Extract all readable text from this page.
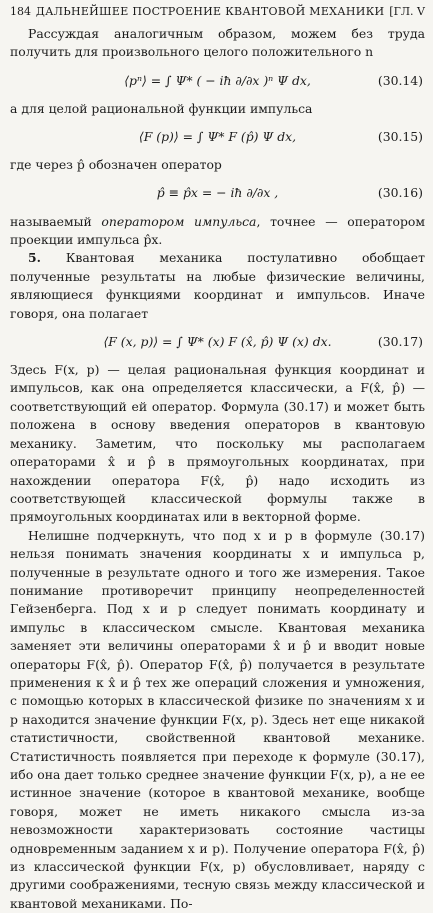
184 ДАЛЬНЕЙШЕЕ ПОСТРОЕНИЕ КВАНТОВОЙ МЕХАНИКИ [ГЛ. V

Рассуждая аналогичным образом, можем без труда получить для произвольного целого положительного n

⟨pⁿ⟩ = ∫ Ψ* ( − iħ ∂/∂x )ⁿ Ψ dx,	(30.14)

а для целой рациональной функции импульса

⟨F (p)⟩ = ∫ Ψ* F (p̂) Ψ dx,	(30.15)

где через p̂ обозначен оператор

p̂ ≡ p̂x = − iħ ∂/∂x ,	(30.16)

называемый оператором импульса, точнее — оператором проекции импульса p̂x.

5. Квантовая механика постулативно обобщает полученные результаты на любые физические величины, являющиеся функциями координат и импульсов. Иначе говоря, она полагает

⟨F (x, p)⟩ = ∫ Ψ* (x) F (x̂, p̂) Ψ (x) dx.	(30.17)

Здесь F(x, p) — целая рациональная функция координат и импульсов, как она определяется классически, а F(x̂, p̂) — соответствующий ей оператор. Формула (30.17) и может быть положена в основу введения операторов в квантовую механику. Заметим, что поскольку мы располагаем операторами x̂ и p̂ в прямоугольных координатах, при нахождении оператора F(x̂, p̂) надо исходить из соответствующей классической формулы также в прямоугольных координатах или в векторной форме.

Нелишне подчеркнуть, что под x и p в формуле (30.17) нельзя понимать значения координаты x и импульса p, полученные в результате одного и того же измерения. Такое понимание противоречит принципу неопределенностей Гейзенберга. Под x и p следует понимать координату и импульс в классическом смысле. Квантовая механика заменяет эти величины операторами x̂ и p̂ и вводит новые операторы F(x̂, p̂). Оператор F(x̂, p̂) получается в результате применения к x̂ и p̂ тех же операций сложения и умножения, с помощью которых в классической физике по значениям x и p находится значение функции F(x, p). Здесь нет еще никакой статистичности, свойственной квантовой механике. Статистичность появляется при переходе к формуле (30.17), ибо она дает только среднее значение функции F(x, p), а не ее истинное значение (которое в квантовой механике, вообще говоря, может не иметь никакого смысла из-за невозможности характеризовать состояние частицы одновременным заданием x и p). Получение оператора F(x̂, p̂) из классической функции F(x, p) обусловливает, наряду с другими соображениями, тесную связь между классической и квантовой механиками. По-
